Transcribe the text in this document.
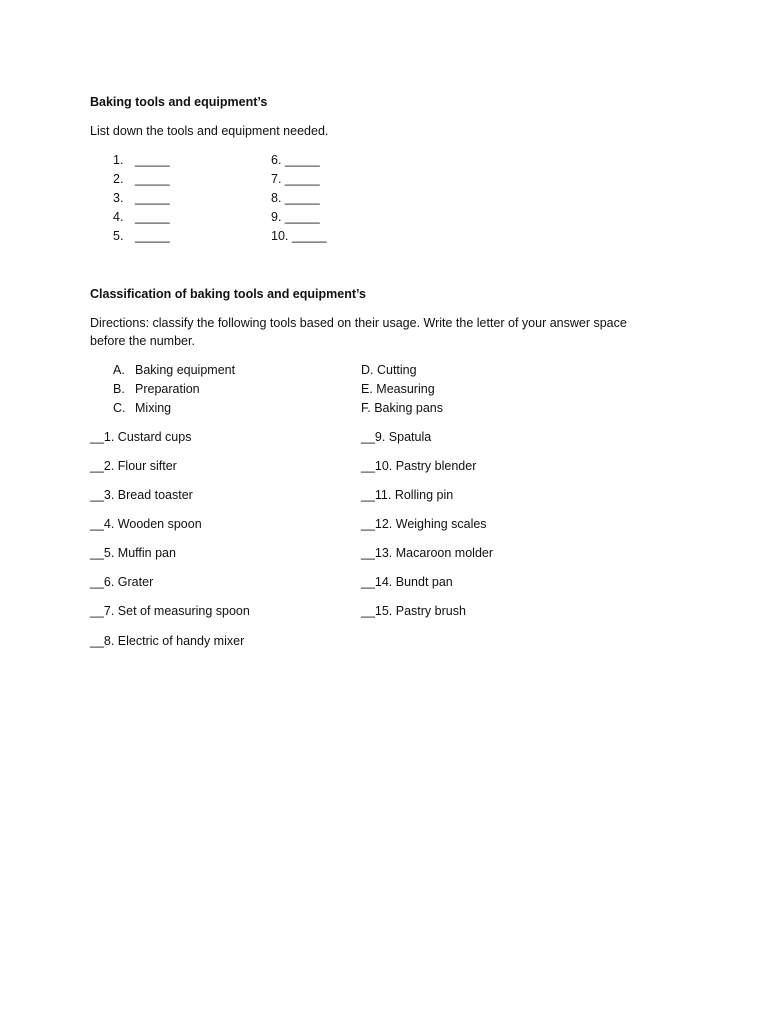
Baking tools and equipment’s
List down the tools and equipment needed.
1. _____
2. _____
3. _____
4. _____
5. _____
6. _____
7. _____
8. _____
9. _____
10. _____
Classification of baking tools and equipment’s
Directions: classify the following tools based on their usage. Write the letter of your answer space
before the number.
A. Baking equipment
B. Preparation
C. Mixing
D. Cutting
E. Measuring
F. Baking pans
__1. Custard cups
__2. Flour sifter
__3. Bread toaster
__4. Wooden spoon
__5. Muffin pan
__6. Grater
__7. Set of measuring spoon
__8. Electric of handy mixer
__9. Spatula
__10. Pastry blender
__11. Rolling pin
__12. Weighing scales
__13. Macaroon molder
__14. Bundt pan
__15. Pastry brush
